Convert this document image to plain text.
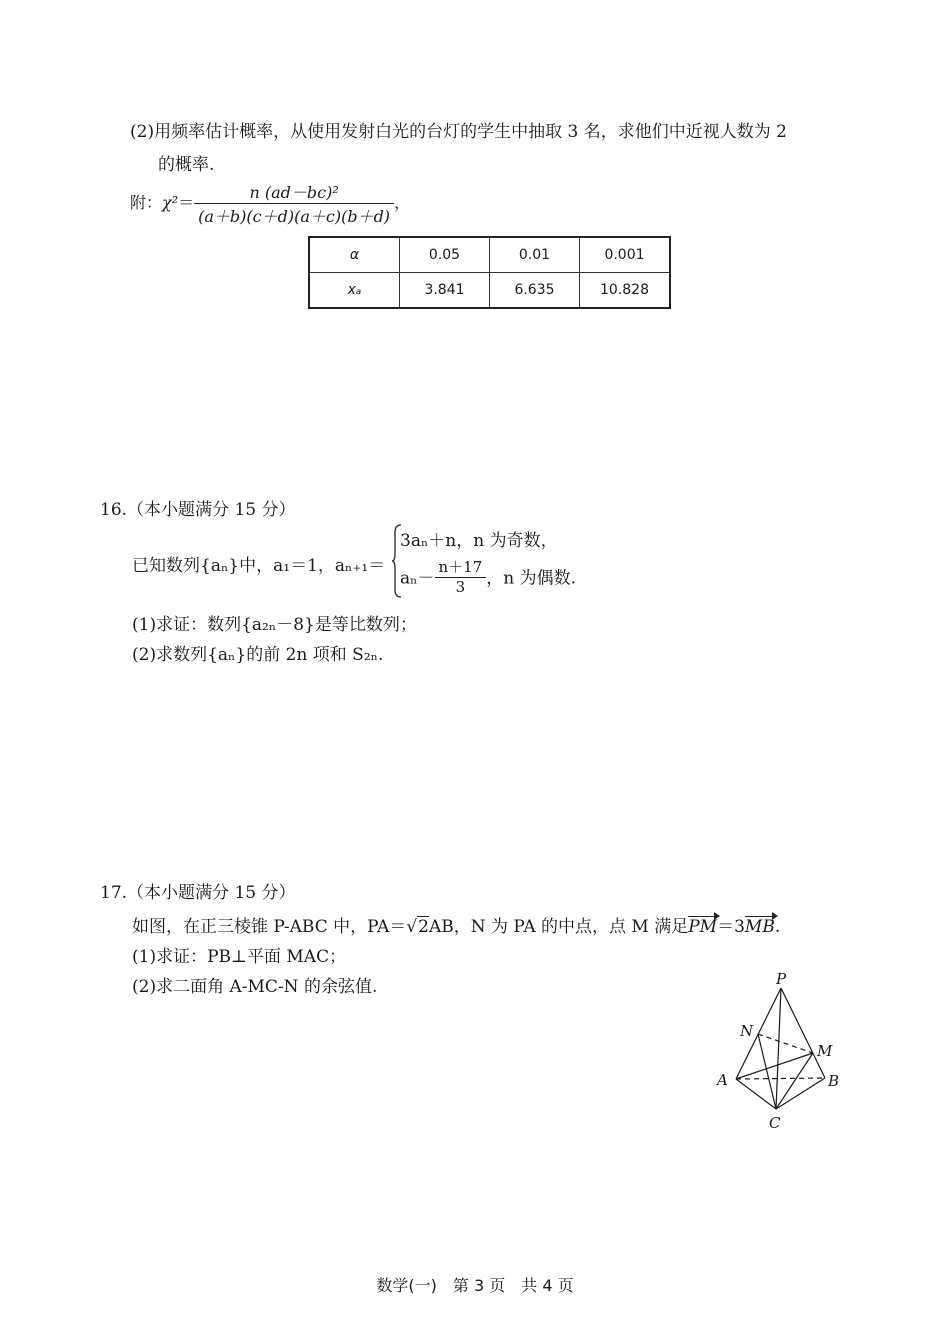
(2)用频率估计概率，从使用发射白光的台灯的学生中抽取 3 名，求他们中近视人数为 2
的概率.
附：$\chi^2= \frac{\text{n (ad－bc)²}}{(a+b)(c+d)(a+c)(b+d)}$ ，
α	0.05	0.01	0.001
xₐ	3.841	6.635	10.828
16.（本小题满分 15 分）
已知数列{aₙ}中，a₁＝1，aₙ₊₁＝
3aₙ＋n，n 为奇数，
$a_n- \frac{n+17}{3}$ ，n 为偶数.
(1)求证：数列{a₂ₙ－8}是等比数列；
(2)求数列{aₙ}的前 2n 项和 S₂ₙ.
17.（本小题满分 15 分）
如图，在正三棱锥 P-ABC 中，PA＝√2AB，N 为 PA 的中点，点 M 满足PM＝3MB.
(1)求证：PB⊥平面 MAC；
(2)求二面角 A-MC-N 的余弦值.	P
N
M
A	B
C
数学(一)　第 3 页　共 4 页
